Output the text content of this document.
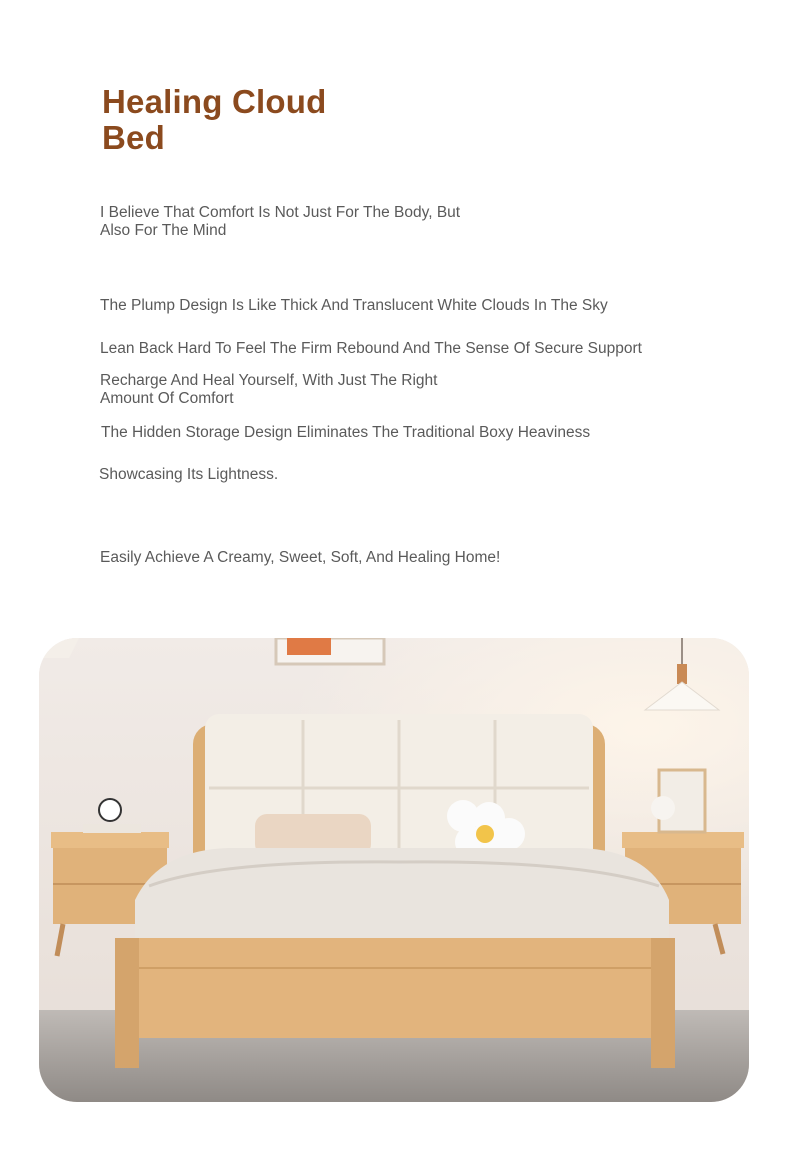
Healing Cloud
Bed
I Believe That Comfort Is Not Just For The Body, But
Also For The Mind
The Plump Design Is Like Thick And Translucent White Clouds In The Sky
Lean Back Hard To Feel The Firm Rebound And The Sense Of Secure Support
Recharge And Heal Yourself, With Just The Right
Amount Of Comfort
The Hidden Storage Design Eliminates The Traditional Boxy Heaviness
Showcasing Its Lightness.
Easily Achieve A Creamy, Sweet, Soft, And Healing Home!
